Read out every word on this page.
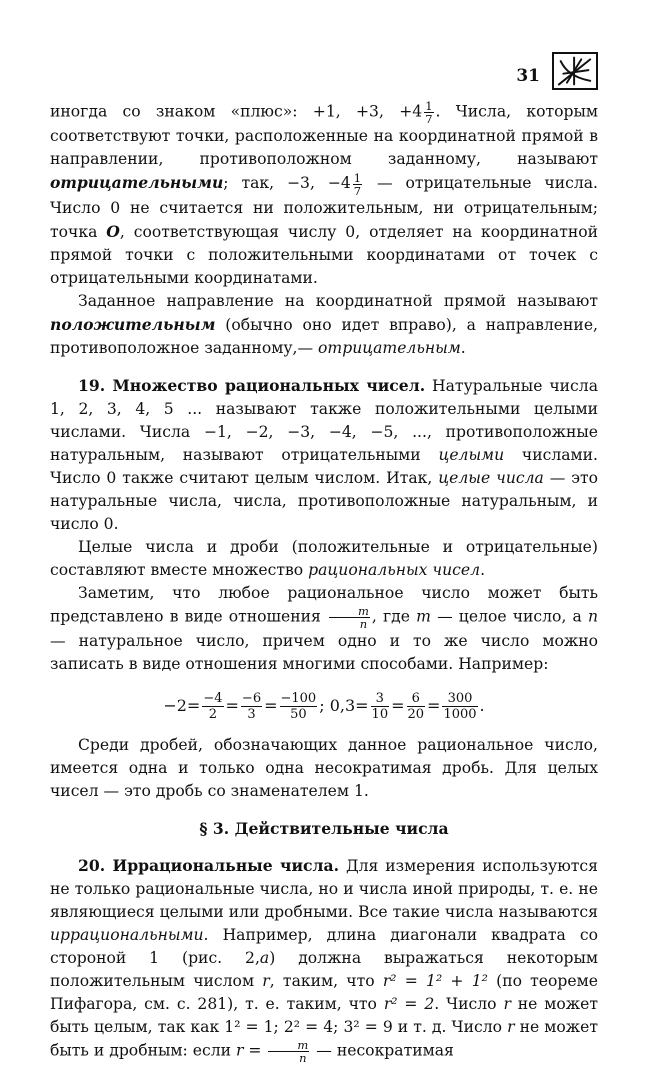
31

иногда со знаком «плюс»: +1, +3, $+4 \frac{1}{7}$ . Числа, которым соответствуют точки, расположенные на координатной прямой в направлении, противоположном заданному, называют отрицательными; так, −3, $-4 \frac{1}{7}$ — отрицательные числа. Число 0 не считается ни положительным, ни отрицательным; точка O, соответствующая числу 0, отделяет на координатной прямой точки с положительными координатами от точек с отрицательными координатами.

Заданное направление на координатной прямой называют положительным (обычно оно идет вправо), а направление, противоположное заданному,— отрицательным.

19. Множество рациональных чисел. Натуральные числа 1, 2, 3, 4, 5 ... называют также положительными целыми числами. Числа −1, −2, −3, −4, −5, ..., противоположные натуральным, называют отрицательными целыми числами. Число 0 также считают целым числом. Итак, целые числа — это натуральные числа, числа, противоположные натуральным, и число 0.

Целые числа и дроби (положительные и отрицательные) составляют вместе множество рациональных чисел.

Заметим, что любое рациональное число может быть представлено в виде отношения $\frac{m}{n}$ , где m — целое число, а n — натуральное число, причем одно и то же число можно записать в виде отношения многими способами. Например:

$-2= \frac{-4}{2} = \frac{-6}{3} = \frac{-100}{50}$ ; $0,3= \frac{3}{10} = \frac{6}{20} = \frac{300}{1000}$ .

Среди дробей, обозначающих данное рациональное число, имеется одна и только одна несократимая дробь. Для целых чисел — это дробь со знаменателем 1.

§ 3. Действительные числа

20. Иррациональные числа. Для измерения используются не только рациональные числа, но и числа иной природы, т. е. не являющиеся целыми или дробными. Все такие числа называются иррациональными. Например, длина диагонали квадрата со стороной 1 (рис. 2,а) должна выражаться некоторым положительным числом r, таким, что r² = 1² + 1² (по теореме Пифагора, см. с. 281), т. е. таким, что r² = 2. Число r не может быть целым, так как 1² = 1; 2² = 4; 3² = 9 и т. д. Число r не может быть и дробным: если $r = \frac{m}{n}$ — несократимая
